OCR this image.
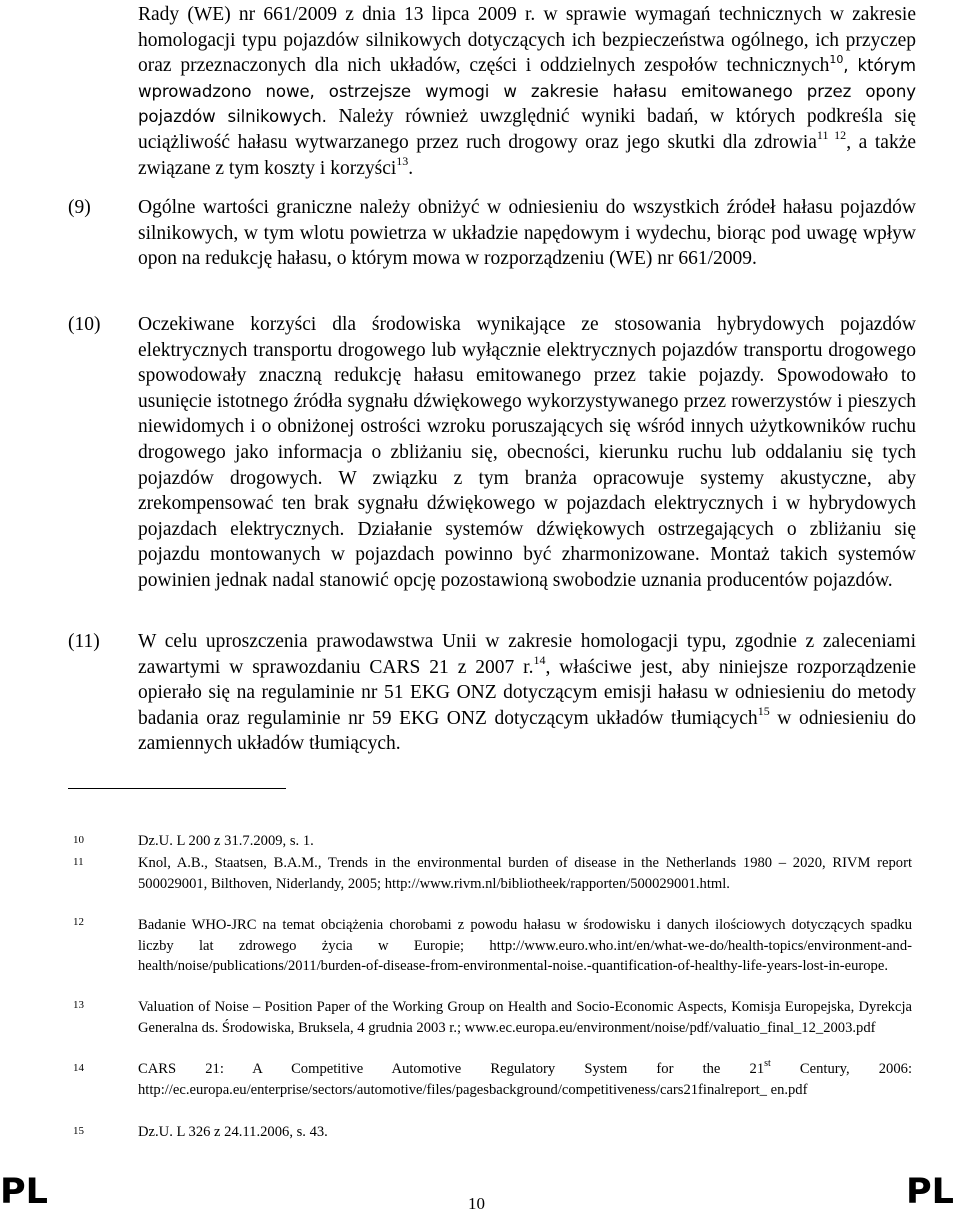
Rady (WE) nr 661/2009 z dnia 13 lipca 2009 r. w sprawie wymagań technicznych w zakresie homologacji typu pojazdów silnikowych dotyczących ich bezpieczeństwa ogólnego, ich przyczep oraz przeznaczonych dla nich układów, części i oddzielnych zespołów technicznych$^{10}$, którym wprowadzono nowe, ostrzejsze wymogi w zakresie hałasu emitowanego przez opony pojazdów silnikowych. Należy również uwzględnić wyniki badań, w których podkreśla się uciążliwość hałasu wytwarzanego przez ruch drogowy oraz jego skutki dla zdrowia$^{11 12}$, a także związane z tym koszty i korzyści$^{13}$.

(9) Ogólne wartości graniczne należy obniżyć w odniesieniu do wszystkich źródeł hałasu pojazdów silnikowych, w tym wlotu powietrza w układzie napędowym i wydechu, biorąc pod uwagę wpływ opon na redukcję hałasu, o którym mowa w rozporządzeniu (WE) nr 661/2009.

(10) Oczekiwane korzyści dla środowiska wynikające ze stosowania hybrydowych pojazdów elektrycznych transportu drogowego lub wyłącznie elektrycznych pojazdów transportu drogowego spowodowały znaczną redukcję hałasu emitowanego przez takie pojazdy. Spowodowało to usunięcie istotnego źródła sygnału dźwiękowego wykorzystywanego przez rowerzystów i pieszych niewidomych i o obniżonej ostrości wzroku poruszających się wśród innych użytkowników ruchu drogowego jako informacja o zbliżaniu się, obecności, kierunku ruchu lub oddalaniu się tych pojazdów drogowych. W związku z tym branża opracowuje systemy akustyczne, aby zrekompensować ten brak sygnału dźwiękowego w pojazdach elektrycznych i w hybrydowych pojazdach elektrycznych. Działanie systemów dźwiękowych ostrzegających o zbliżaniu się pojazdu montowanych w pojazdach powinno być zharmonizowane. Montaż takich systemów powinien jednak nadal stanowić opcję pozostawioną swobodzie uznania producentów pojazdów.

(11) W celu uproszczenia prawodawstwa Unii w zakresie homologacji typu, zgodnie z zaleceniami zawartymi w sprawozdaniu CARS 21 z 2007 r.$^{14}$, właściwe jest, aby niniejsze rozporządzenie opierało się na regulaminie nr 51 EKG ONZ dotyczącym emisji hałasu w odniesieniu do metody badania oraz regulaminie nr 59 EKG ONZ dotyczącym układów tłumiących$^{15}$ w odniesieniu do zamiennych układów tłumiących.

10	Dz.U. L 200 z 31.7.2009, s. 1.

11	Knol, A.B., Staatsen, B.A.M., Trends in the environmental burden of disease in the Netherlands 1980 – 2020, RIVM report 500029001, Bilthoven, Niderlandy, 2005; http://www.rivm.nl/bibliotheek/rapporten/500029001.html.

12	Badanie WHO-JRC na temat obciążenia chorobami z powodu hałasu w środowisku i danych ilościowych dotyczących spadku liczby lat zdrowego życia w Europie; http://www.euro.who.int/en/what-we-do/health-topics/environment-and-health/noise/publications/2011/burden-of-disease-from-environmental-noise.-quantification-of-healthy-life-years-lost-in-europe.

13	Valuation of Noise – Position Paper of the Working Group on Health and Socio-Economic Aspects, Komisja Europejska, Dyrekcja Generalna ds. Środowiska, Bruksela, 4 grudnia 2003 r.; www.ec.europa.eu/environment/noise/pdf/valuatio_final_12_2003.pdf

14	CARS 21: A Competitive Automotive Regulatory System for the 21st Century, 2006: http://ec.europa.eu/enterprise/sectors/automotive/files/pagesbackground/competitiveness/cars21finalreport_ en.pdf

15	Dz.U. L 326 z 24.11.2006, s. 43.

PL	10	PL
